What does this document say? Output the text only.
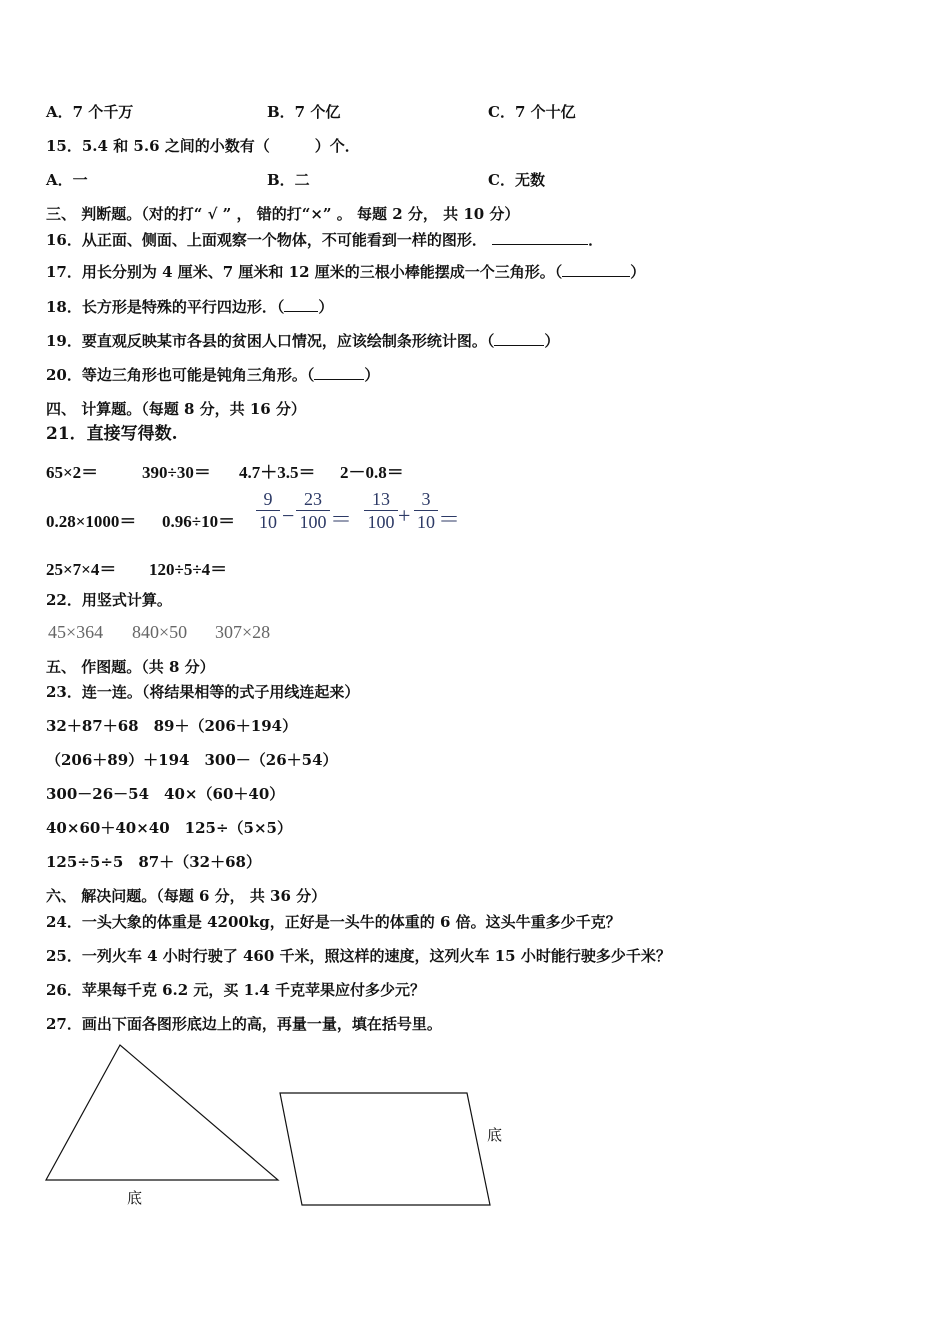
A．7 个千万	B．7 个亿	C．7 个十亿
15．5.4 和 5.6 之间的小数有（　　　）个．
A．一	B．二	C．无数
三、 判断题。（对的打“ √ ” ， 错的打“×” 。 每题 2 分， 共 10 分）
16．从正面、侧面、上面观察一个物体，不可能看到一样的图形．	．
17．用长分别为 4 厘米、7 厘米和 12 厘米的三根小棒能摆成一个三角形。（	）
18．长方形是特殊的平行四边形．（ ）
19．要直观反映某市各县的贫困人口情况，应该绘制条形统计图。（	）
20．等边三角形也可能是钝角三角形。（	）
四、 计算题。（每题 8 分，共 16 分）
21．直接写得数.
65×2＝	390÷30＝ 4.7＋3.5＝ 2－0.8＝
0.28×1000＝ 0.96÷10＝
9
10 −
23
100 ＝
13
100 +
3
10 ＝
25×7×4＝ 120÷5÷4＝
22．用竖式计算。
45×364 840×50 307×28
五、 作图题。（共 8 分）
23．连一连。（将结果相等的式子用线连起来）
32＋87＋68　89＋（206＋194）
（206＋89）＋194　300－（26＋54）
300－26－54　40×（60＋40）
40×60＋40×40　125÷（5×5）
125÷5÷5　87＋（32＋68）
六、 解决问题。（每题 6 分， 共 36 分）
24．一头大象的体重是 4200kg，正好是一头牛的体重的 6 倍。这头牛重多少千克？
25．一列火车 4 小时行驶了 460 千米，照这样的速度，这列火车 15 小时能行驶多少千米？
26．苹果每千克 6.2 元，买 1.4 千克苹果应付多少元？
27．画出下面各图形底边上的高，再量一量，填在括号里。
底
底
